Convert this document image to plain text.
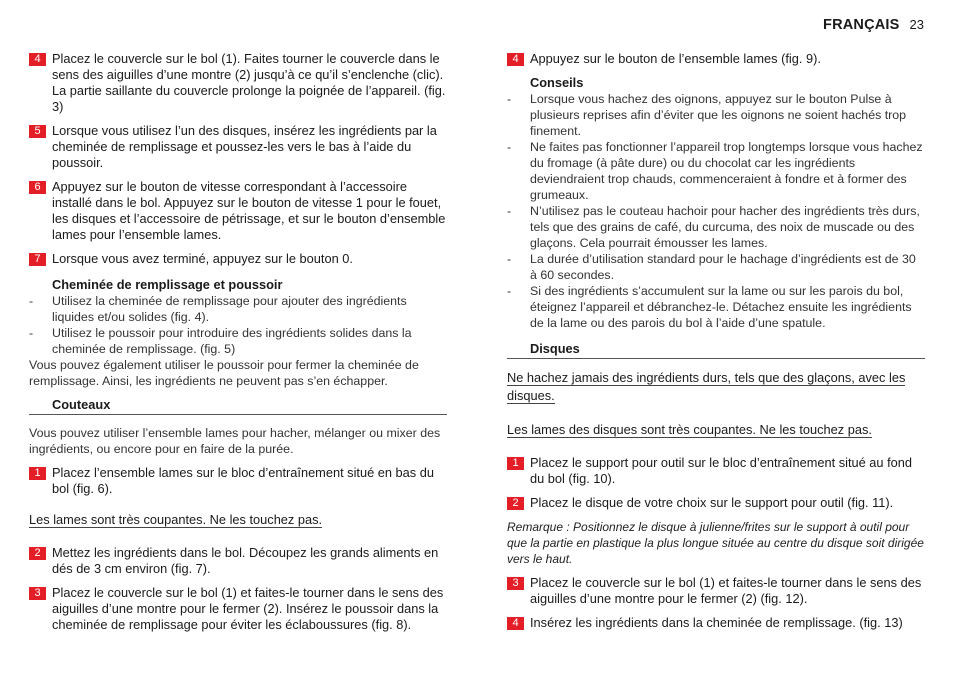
FRANÇAIS 23
4 Placez le couvercle sur le bol (1). Faites tourner le couvercle dans le sens des aiguilles d’une montre (2) jusqu’à ce qu’il s’enclenche (clic). La partie saillante du couvercle prolonge la poignée de l’appareil. (fig. 3)
5 Lorsque vous utilisez l’un des disques, insérez les ingrédients par la cheminée de remplissage et poussez-les vers le bas à l’aide du poussoir.
6 Appuyez sur le bouton de vitesse correspondant à l’accessoire installé dans le bol. Appuyez sur le bouton de vitesse 1 pour le fouet, les disques et l’accessoire de pétrissage, et sur le bouton d’ensemble lames pour l’ensemble lames.
7 Lorsque vous avez terminé, appuyez sur le bouton 0.
Cheminée de remplissage et poussoir
- Utilisez la cheminée de remplissage pour ajouter des ingrédients liquides et/ou solides (fig. 4).
- Utilisez le poussoir pour introduire des ingrédients solides dans la cheminée de remplissage. (fig. 5)
Vous pouvez également utiliser le poussoir pour fermer la cheminée de remplissage. Ainsi, les ingrédients ne peuvent pas s’en échapper.
Couteaux
Vous pouvez utiliser l’ensemble lames pour hacher, mélanger ou mixer des ingrédients, ou encore pour en faire de la purée.
1 Placez l’ensemble lames sur le bloc d’entraînement situé en bas du bol (fig. 6).
Les lames sont très coupantes. Ne les touchez pas.
2 Mettez les ingrédients dans le bol. Découpez les grands aliments en dés de 3 cm environ (fig. 7).
3 Placez le couvercle sur le bol (1) et faites-le tourner dans le sens des aiguilles d’une montre pour le fermer (2). Insérez le poussoir dans la cheminée de remplissage pour éviter les éclaboussures (fig. 8).
4 Appuyez sur le bouton de l’ensemble lames (fig. 9).
Conseils
- Lorsque vous hachez des oignons, appuyez sur le bouton Pulse à plusieurs reprises afin d’éviter que les oignons ne soient hachés trop finement.
- Ne faites pas fonctionner l’appareil trop longtemps lorsque vous hachez du fromage (à pâte dure) ou du chocolat car les ingrédients deviendraient trop chauds, commenceraient à fondre et à former des grumeaux.
- N’utilisez pas le couteau hachoir pour hacher des ingrédients très durs, tels que des grains de café, du curcuma, des noix de muscade ou des glaçons. Cela pourrait émousser les lames.
- La durée d’utilisation standard pour le hachage d’ingrédients est de 30 à 60 secondes.
- Si des ingrédients s’accumulent sur la lame ou sur les parois du bol, éteignez l’appareil et débranchez-le. Détachez ensuite les ingrédients de la lame ou des parois du bol à l’aide d’une spatule.
Disques
Ne hachez jamais des ingrédients durs, tels que des glaçons, avec les disques.
Les lames des disques sont très coupantes. Ne les touchez pas.
1 Placez le support pour outil sur le bloc d’entraînement situé au fond du bol (fig. 10).
2 Placez le disque de votre choix sur le support pour outil (fig. 11).
Remarque : Positionnez le disque à julienne/frites sur le support à outil pour que la partie en plastique la plus longue située au centre du disque soit dirigée vers le haut.
3 Placez le couvercle sur le bol (1) et faites-le tourner dans le sens des aiguilles d’une montre pour le fermer (2) (fig. 12).
4 Insérez les ingrédients dans la cheminée de remplissage. (fig. 13)
